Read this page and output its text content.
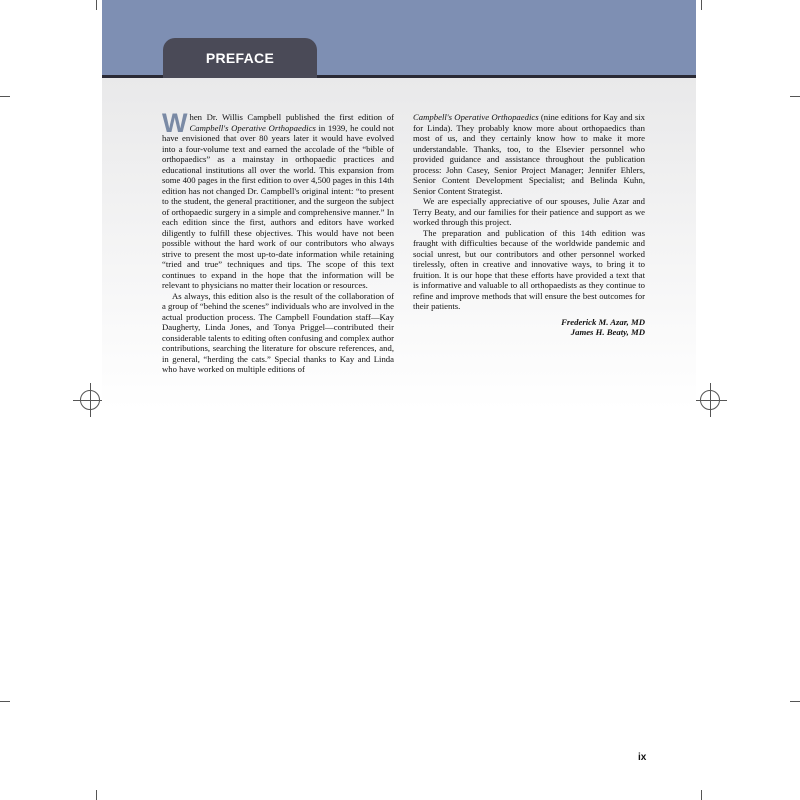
PREFACE

When Dr. Willis Campbell published the first edition of Campbell's Operative Orthopaedics in 1939, he could not have envisioned that over 80 years later it would have evolved into a four-volume text and earned the accolade of the “bible of orthopaedics” as a mainstay in orthopaedic practices and educational institutions all over the world. This expansion from some 400 pages in the first edition to over 4,500 pages in this 14th edition has not changed Dr. Campbell's original intent: “to present to the student, the general practitioner, and the surgeon the subject of orthopaedic surgery in a simple and comprehensive manner.” In each edition since the first, authors and editors have worked diligently to fulfill these objectives. This would have not been possible without the hard work of our contributors who always strive to present the most up-to-date information while retaining “tried and true” techniques and tips. The scope of this text continues to expand in the hope that the information will be relevant to physicians no matter their location or resources.

As always, this edition also is the result of the collaboration of a group of “behind the scenes” individuals who are involved in the actual production process. The Campbell Foundation staff—Kay Daugherty, Linda Jones, and Tonya Priggel—contributed their considerable talents to editing often confusing and complex author contributions, searching the literature for obscure references, and, in general, “herding the cats.” Special thanks to Kay and Linda who have worked on multiple editions of

Campbell's Operative Orthopaedics (nine editions for Kay and six for Linda). They probably know more about orthopaedics than most of us, and they certainly know how to make it more understandable. Thanks, too, to the Elsevier personnel who provided guidance and assistance throughout the publication process: John Casey, Senior Project Manager; Jennifer Ehlers, Senior Content Development Specialist; and Belinda Kuhn, Senior Content Strategist.

We are especially appreciative of our spouses, Julie Azar and Terry Beaty, and our families for their patience and support as we worked through this project.

The preparation and publication of this 14th edition was fraught with difficulties because of the worldwide pandemic and social unrest, but our contributors and other personnel worked tirelessly, often in creative and innovative ways, to bring it to fruition. It is our hope that these efforts have provided a text that is informative and valuable to all orthopaedists as they continue to refine and improve methods that will ensure the best outcomes for their patients.

Frederick M. Azar, MD
James H. Beaty, MD
ix
